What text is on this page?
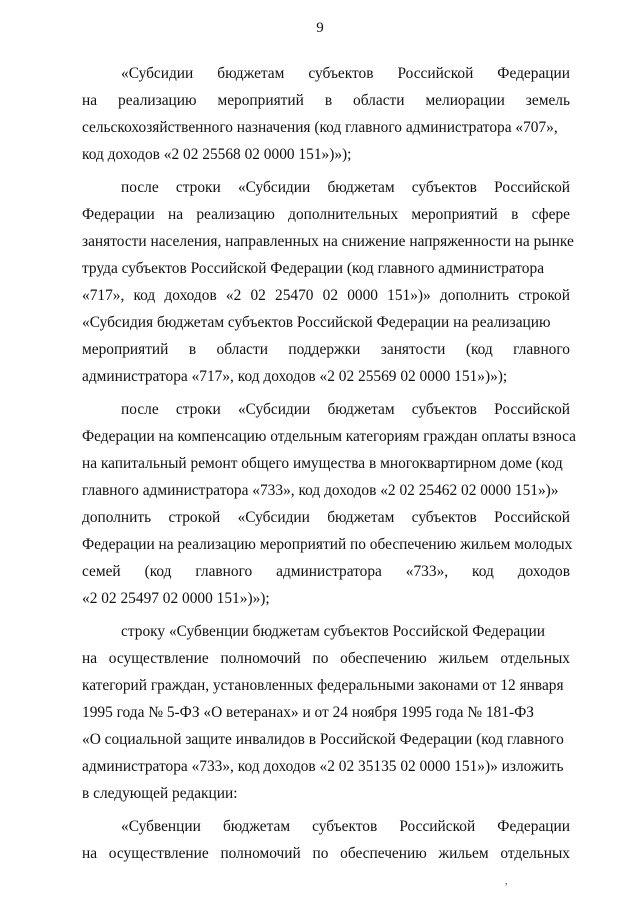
9
«Субсидии бюджетам субъектов Российской Федерации
на реализацию мероприятий в области мелиорации земель
сельскохозяйственного назначения (код главного администратора «707»,
код доходов «2 02 25568 02 0000 151»)»);
после строки «Субсидии бюджетам субъектов Российской
Федерации на реализацию дополнительных мероприятий в сфере
занятости населения, направленных на снижение напряженности на рынке
труда субъектов Российской Федерации (код главного администратора
«717», код доходов «2 02 25470 02 0000 151»)» дополнить строкой
«Субсидия бюджетам субъектов Российской Федерации на реализацию
мероприятий в области поддержки занятости (код главного
администратора «717», код доходов «2 02 25569 02 0000 151»)»);
после строки «Субсидии бюджетам субъектов Российской
Федерации на компенсацию отдельным категориям граждан оплаты взноса
на капитальный ремонт общего имущества в многоквартирном доме (код
главного администратора «733», код доходов «2 02 25462 02 0000 151»)»
дополнить строкой «Субсидии бюджетам субъектов Российской
Федерации на реализацию мероприятий по обеспечению жильем молодых
семей (код главного администратора «733», код доходов
«2 02 25497 02 0000 151»)»);
строку «Субвенции бюджетам субъектов Российской Федерации
на осуществление полномочий по обеспечению жильем отдельных
категорий граждан, установленных федеральными законами от 12 января
1995 года № 5-ФЗ «О ветеранах» и от 24 ноября 1995 года № 181-ФЗ
«О социальной защите инвалидов в Российской Федерации (код главного
администратора «733», код доходов «2 02 35135 02 0000 151»)» изложить
в следующей редакции:
«Субвенции бюджетам субъектов Российской Федерации
на осуществление полномочий по обеспечению жильем отдельных
,
